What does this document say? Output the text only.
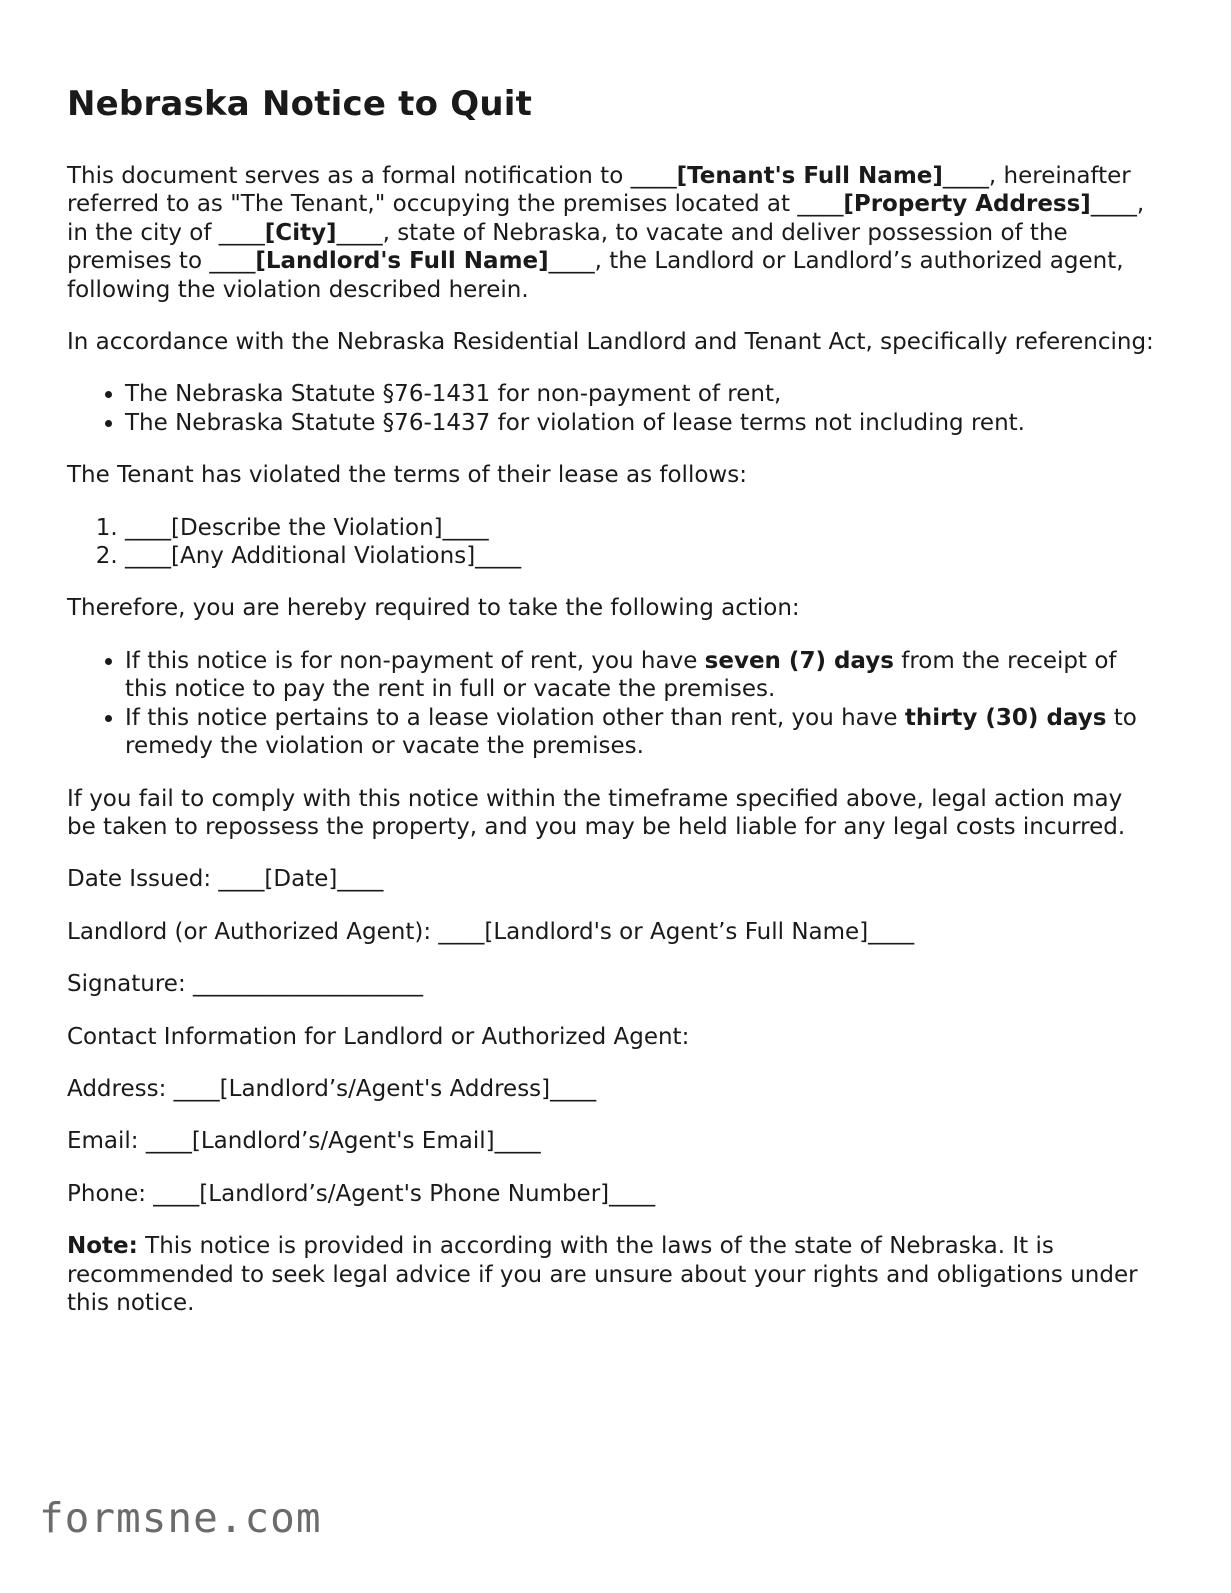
Nebraska Notice to Quit

This document serves as a formal notification to ____[Tenant's Full Name]____, hereinafter referred to as "The Tenant," occupying the premises located at ____[Property Address]____, in the city of ____[City]____, state of Nebraska, to vacate and deliver possession of the premises to ____[Landlord's Full Name]____, the Landlord or Landlord’s authorized agent, following the violation described herein.

In accordance with the Nebraska Residential Landlord and Tenant Act, specifically referencing:

• The Nebraska Statute §76-1431 for non-payment of rent,
• The Nebraska Statute §76-1437 for violation of lease terms not including rent.

The Tenant has violated the terms of their lease as follows:

1. ____[Describe the Violation]____
2. ____[Any Additional Violations]____

Therefore, you are hereby required to take the following action:

• If this notice is for non-payment of rent, you have seven (7) days from the receipt of this notice to pay the rent in full or vacate the premises.
• If this notice pertains to a lease violation other than rent, you have thirty (30) days to remedy the violation or vacate the premises.

If you fail to comply with this notice within the timeframe specified above, legal action may be taken to repossess the property, and you may be held liable for any legal costs incurred.

Date Issued: ____[Date]____

Landlord (or Authorized Agent): ____[Landlord's or Agent’s Full Name]____

Signature: ____________________

Contact Information for Landlord or Authorized Agent:

Address: ____[Landlord’s/Agent's Address]____

Email: ____[Landlord’s/Agent's Email]____

Phone: ____[Landlord’s/Agent's Phone Number]____

Note: This notice is provided in according with the laws of the state of Nebraska. It is recommended to seek legal advice if you are unsure about your rights and obligations under this notice.

formsne.com
